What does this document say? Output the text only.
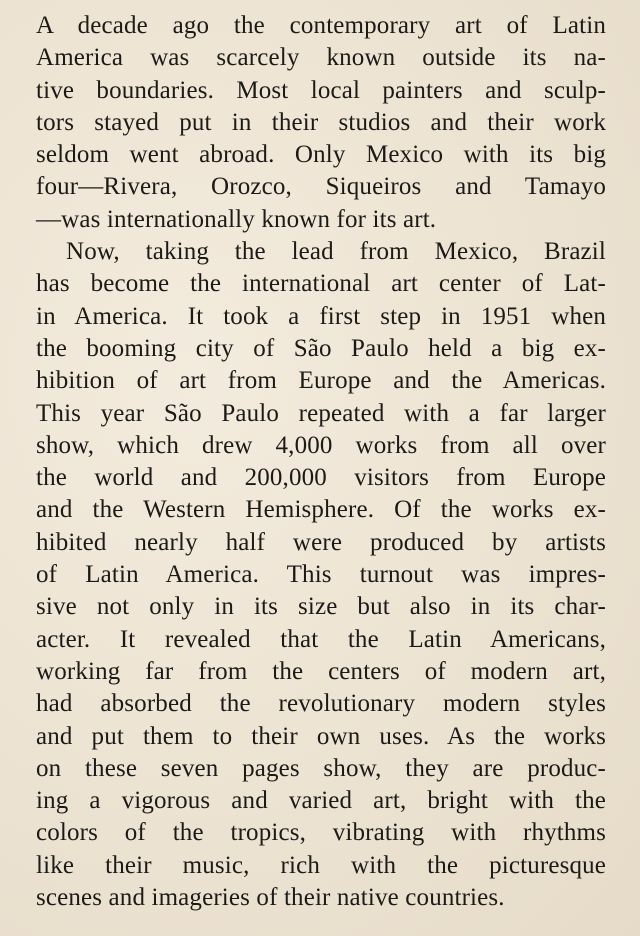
A decade ago the contemporary art of Latin
America was scarcely known outside its na-
tive boundaries. Most local painters and sculp-
tors stayed put in their studios and their work
seldom went abroad. Only Mexico with its big
four—Rivera, Orozco, Siqueiros and Tamayo
—was internationally known for its art.
Now, taking the lead from Mexico, Brazil
has become the international art center of Lat-
in America. It took a first step in 1951 when
the booming city of São Paulo held a big ex-
hibition of art from Europe and the Americas.
This year São Paulo repeated with a far larger
show, which drew 4,000 works from all over
the world and 200,000 visitors from Europe
and the Western Hemisphere. Of the works ex-
hibited nearly half were produced by artists
of Latin America. This turnout was impres-
sive not only in its size but also in its char-
acter. It revealed that the Latin Americans,
working far from the centers of modern art,
had absorbed the revolutionary modern styles
and put them to their own uses. As the works
on these seven pages show, they are produc-
ing a vigorous and varied art, bright with the
colors of the tropics, vibrating with rhythms
like their music, rich with the picturesque
scenes and imageries of their native countries.
